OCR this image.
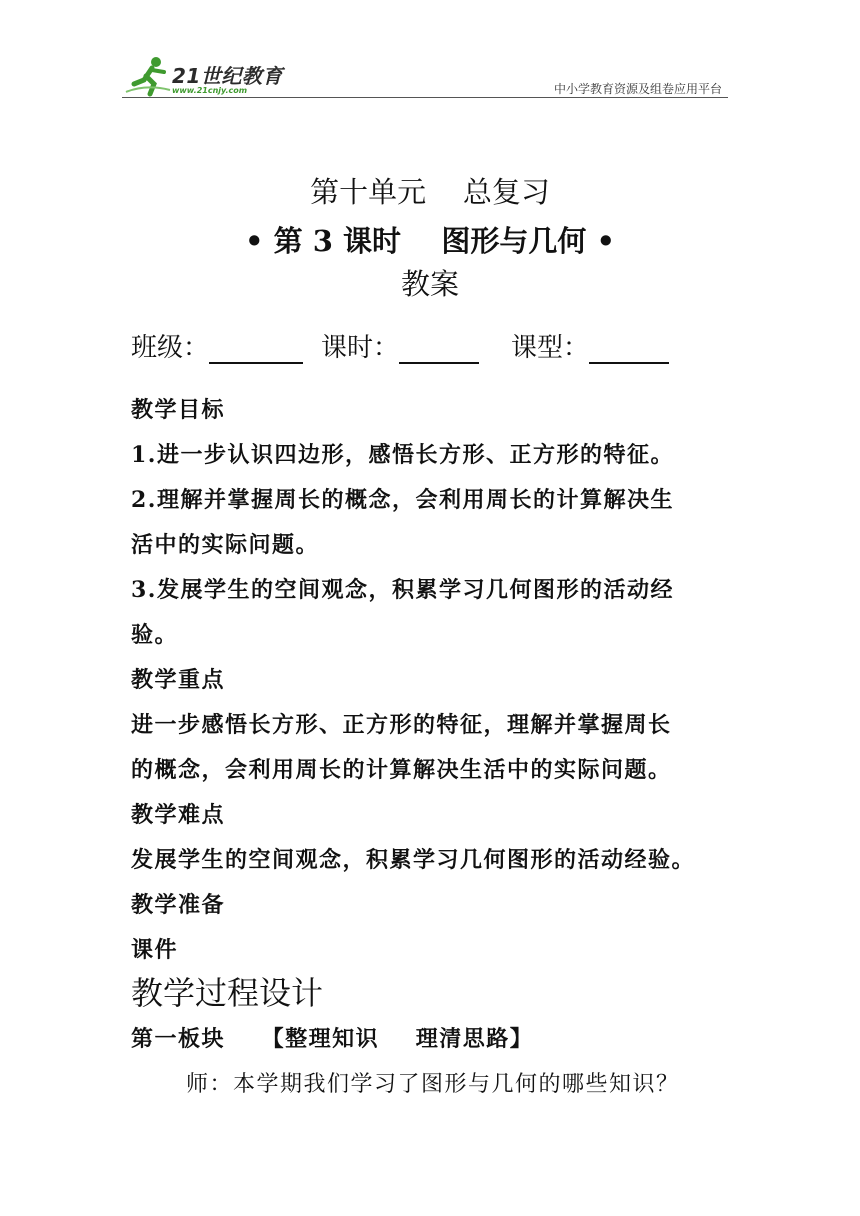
21世纪教育
www.21cnjy.com	中小学教育资源及组卷应用平台
第十单元    总复习
• 第 3 课时    图形与几何 •
教案
班级：	课时：	课型：
教学目标
1.进一步认识四边形，感悟长方形、正方形的特征。
2.理解并掌握周长的概念，会利用周长的计算解决生
活中的实际问题。
3.发展学生的空间观念，积累学习几何图形的活动经
验。
教学重点
进一步感悟长方形、正方形的特征，理解并掌握周长
的概念，会利用周长的计算解决生活中的实际问题。
教学难点
发展学生的空间观念，积累学习几何图形的活动经验。
教学准备
课件
教学过程设计
第一板块    【整理知识    理清思路】
师：本学期我们学习了图形与几何的哪些知识？
